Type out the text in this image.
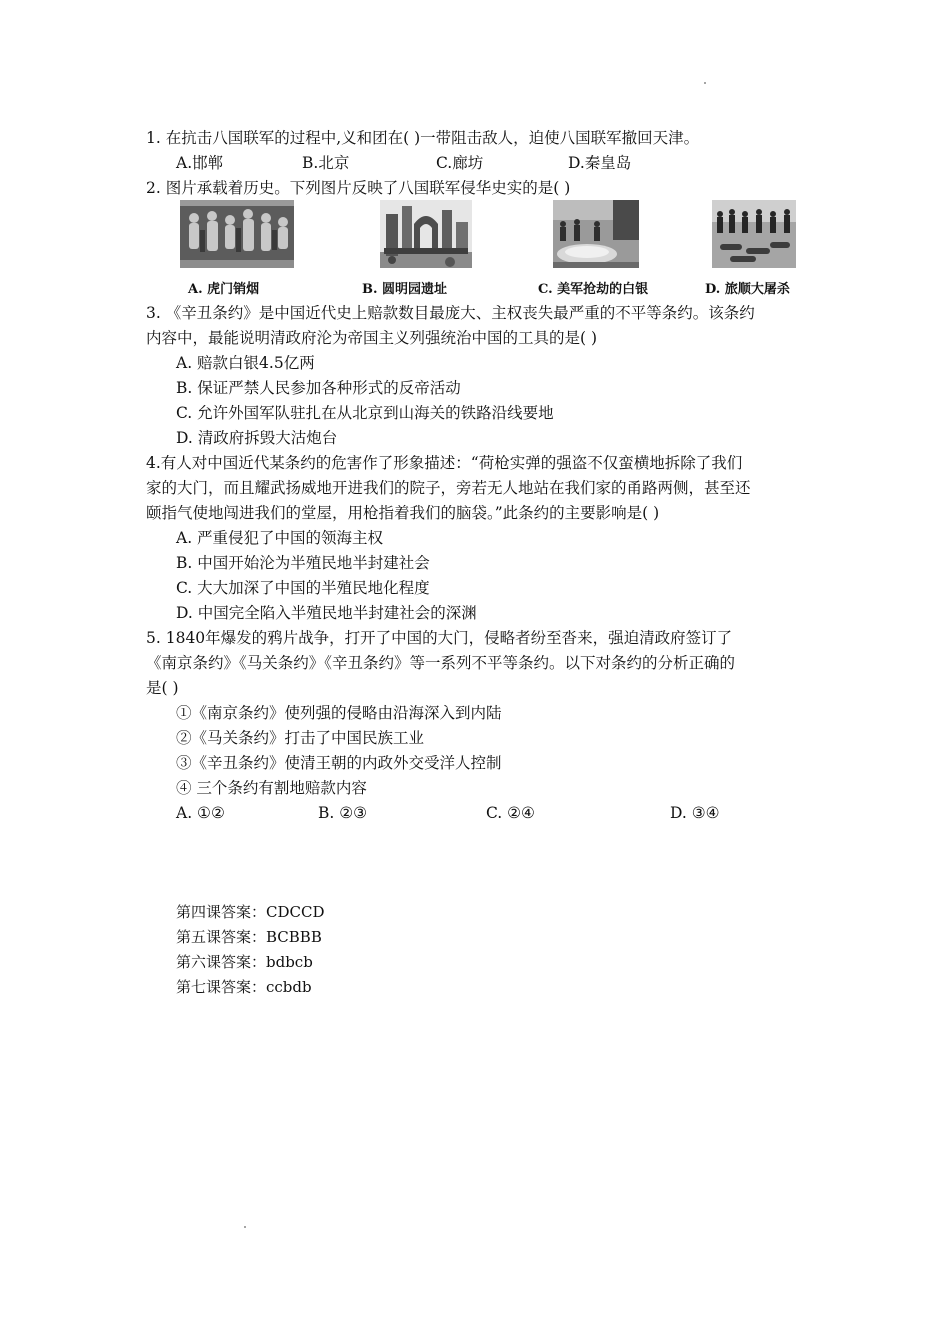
1. 在抗击八国联军的过程中,义和团在( )一带阻击敌人，迫使八国联军撤回天津。
A.邯郸	B.北京	C.廊坊	D.秦皇岛
2. 图片承载着历史。下列图片反映了八国联军侵华史实的是( )
A. 虎门销烟	B. 圆明园遗址	C. 美军抢劫的白银	D. 旅顺大屠杀
3. 《辛丑条约》是中国近代史上赔款数目最庞大、主权丧失最严重的不平等条约。该条约
内容中，最能说明清政府沦为帝国主义列强统治中国的工具的是( )
A. 赔款白银4.5亿两
B. 保证严禁人民参加各种形式的反帝活动
C. 允许外国军队驻扎在从北京到山海关的铁路沿线要地
D. 清政府拆毁大沽炮台
4.有人对中国近代某条约的危害作了形象描述：“荷枪实弹的强盗不仅蛮横地拆除了我们
家的大门，而且耀武扬威地开进我们的院子，旁若无人地站在我们家的甬路两侧，甚至还
颐指气使地闯进我们的堂屋，用枪指着我们的脑袋。”此条约的主要影响是( )
A. 严重侵犯了中国的领海主权
B. 中国开始沦为半殖民地半封建社会
C. 大大加深了中国的半殖民地化程度
D. 中国完全陷入半殖民地半封建社会的深渊
5. 1840年爆发的鸦片战争，打开了中国的大门，侵略者纷至沓来，强迫清政府签订了
《南京条约》《马关条约》《辛丑条约》等一系列不平等条约。以下对条约的分析正确的
是( )
①《南京条约》使列强的侵略由沿海深入到内陆
②《马关条约》打击了中国民族工业
③《辛丑条约》使清王朝的内政外交受洋人控制
④ 三个条约有割地赔款内容
A. ①②	B. ②③	C. ②④	D. ③④
第四课答案：CDCCD
第五课答案：BCBBB
第六课答案：bdbcb
第七课答案：ccbdb
